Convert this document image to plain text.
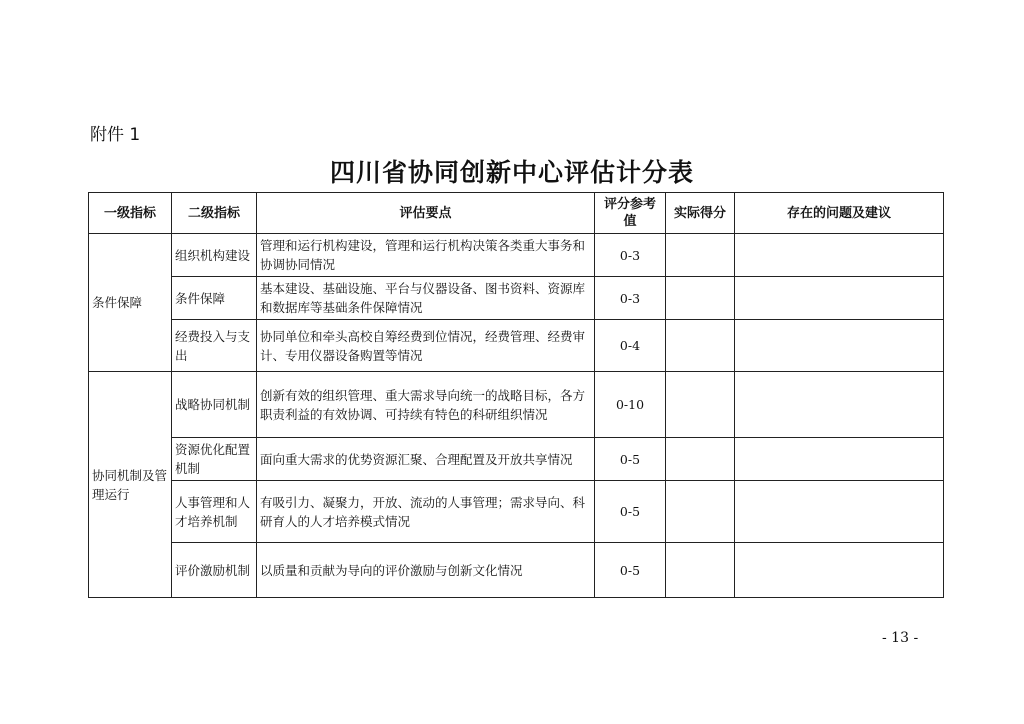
附件 1
四川省协同创新中心评估计分表
一级指标	二级指标	评估要点	评分参考值	实际得分	存在的问题及建议
条件保障	组织机构建设	管理和运行机构建设，管理和运行机构决策各类重大事务和协调协同情况	0-3		
	条件保障	基本建设、基础设施、平台与仪器设备、图书资料、资源库和数据库等基础条件保障情况	0-3		
	经费投入与支出	协同单位和牵头高校自筹经费到位情况，经费管理、经费审计、专用仪器设备购置等情况	0-4		
协同机制及管理运行	战略协同机制	创新有效的组织管理、重大需求导向统一的战略目标，各方职责利益的有效协调、可持续有特色的科研组织情况	0-10		
	资源优化配置机制	面向重大需求的优势资源汇聚、合理配置及开放共享情况	0-5		
	人事管理和人才培养机制	有吸引力、凝聚力，开放、流动的人事管理；需求导向、科研育人的人才培养模式情况	0-5		
	评价激励机制	以质量和贡献为导向的评价激励与创新文化情况	0-5		
- 13 -
